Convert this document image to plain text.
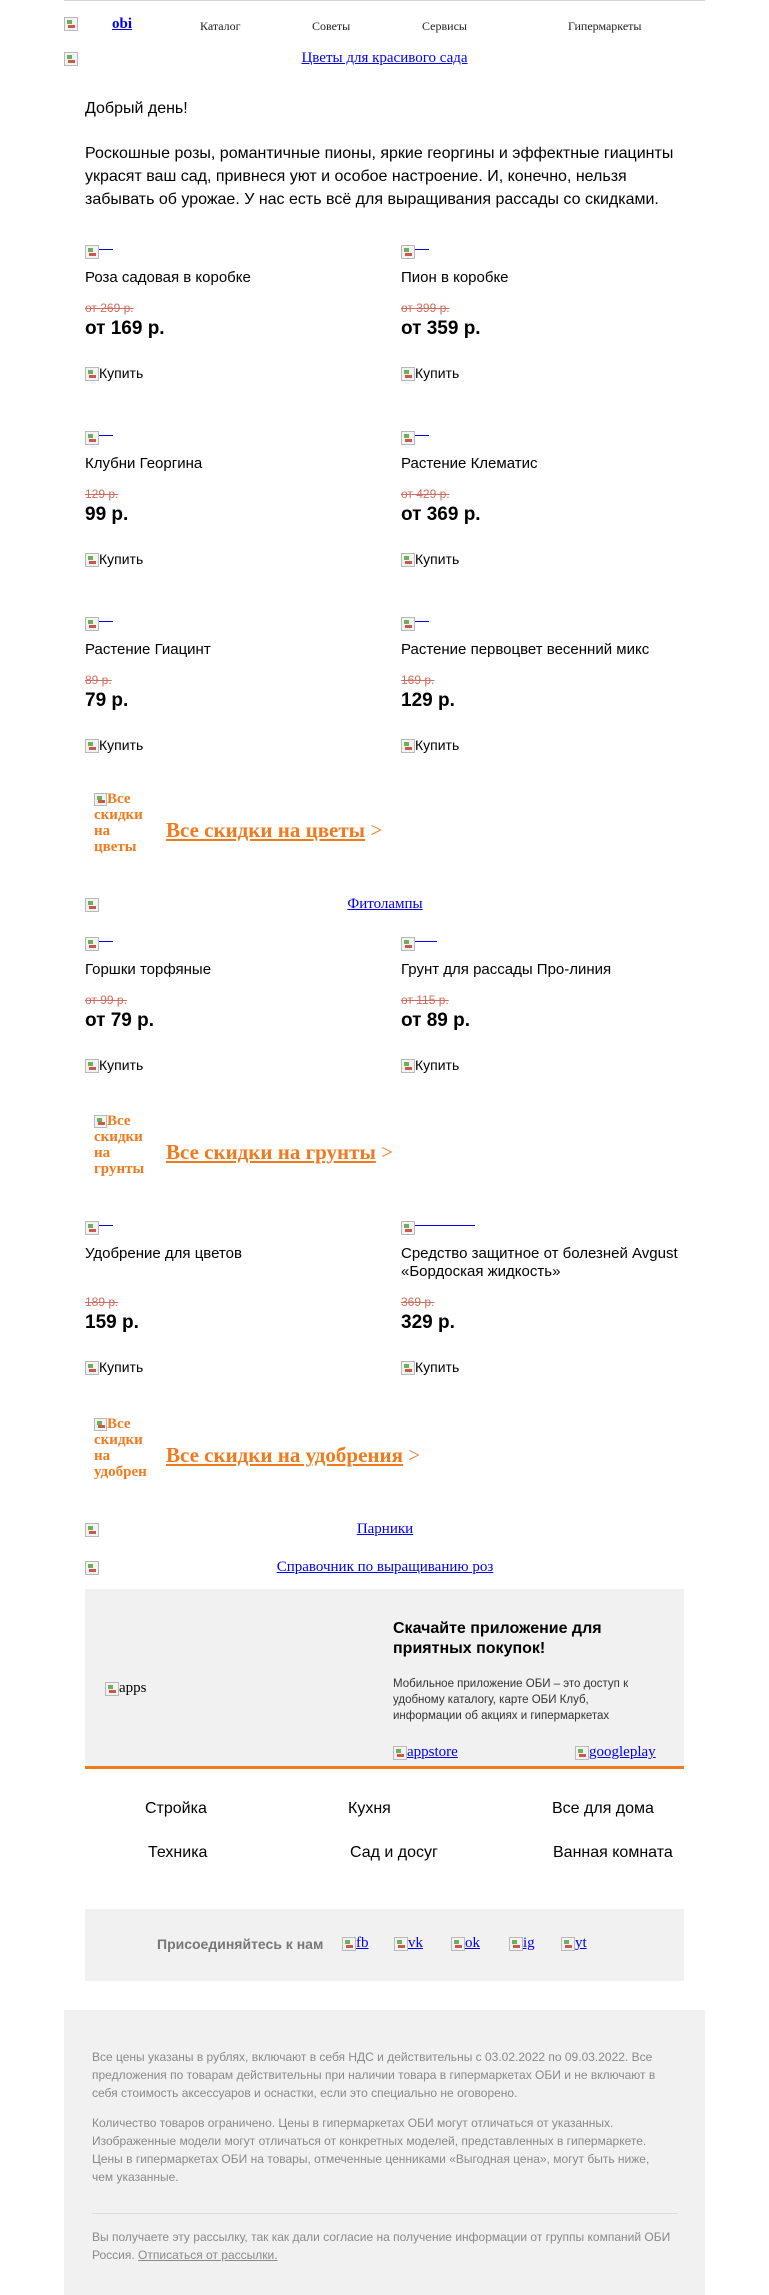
obi	Каталог	Советы	Сервисы	Гипермаркеты
Цветы для красивого сада
Добрый день!
Роскошные розы, романтичные пионы, яркие георгины и эффектные гиацинты украсят ваш сад, привнеся уют и особое настроение. И, конечно, нельзя забывать об урожае. У нас есть всё для выращивания рассады со скидками.
Роза садовая в коробке
от 269 р.
от 169 р.
Купить
Пион в коробке
от 399 р.
от 359 р.
Купить
Клубни Георгина
129 р.
99 р.
Купить
Растение Клематис
от 429 р.
от 369 р.
Купить
Растение Гиацинт
89 р.
79 р.
Купить
Растение первоцвет весенний микс
169 р.
129 р.
Купить
Все скидки на цветы
Все скидки на цветы >
Фитолампы
Горшки торфяные
от 99 р.
от 79 р.
Купить
Грунт для рассады Про-линия
от 115 р.
от 89 р.
Купить
Все скидки на грунты
Все скидки на грунты >
Удобрение для цветов
189 р.
159 р.
Купить
Средство защитное от болезней Avgust «Бордоская жидкость»
369 р.
329 р.
Купить
Все скидки на удобрен
Все скидки на удобрения >
Парники
Справочник по выращиванию роз
apps
Скачайте приложение для приятных покупок!
Мобильное приложение ОБИ – это доступ к удобному каталогу, карте ОБИ Клуб, информации об акциях и гипермаркетах
appstore	googleplay
Стройка	Кухня	Все для дома
Техника	Сад и досуг	Ванная комната
Присоединяйтесь к нам	fb	vk	ok	ig	yt

Все цены указаны в рублях, включают в себя НДС и действительны с 03.02.2022 по 09.03.2022. Все предложения по товарам действительны при наличии товара в гипермаркетах ОБИ и не включают в себя стоимость аксессуаров и оснастки, если это специально не оговорено.

Количество товаров ограничено. Цены в гипермаркетах ОБИ могут отличаться от указанных. Изображенные модели могут отличаться от конкретных моделей, представленных в гипермаркете. Цены в гипермаркетах ОБИ на товары, отмеченные ценниками «Выгодная цена», могут быть ниже, чем указанные.

Вы получаете эту рассылку, так как дали согласие на получение информации от группы компаний ОБИ Россия. Отписаться от рассылки.
